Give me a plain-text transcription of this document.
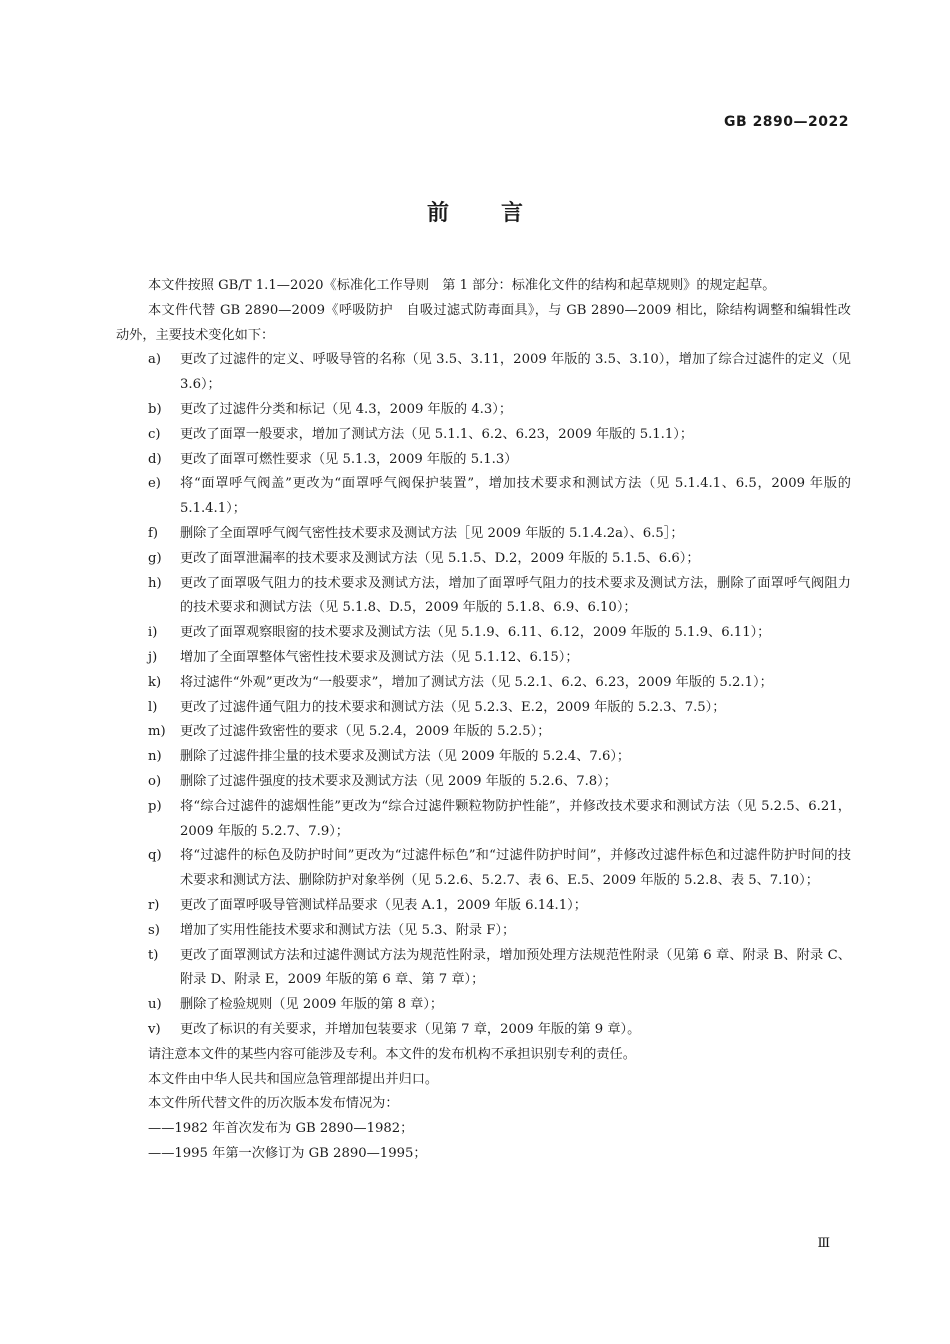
GB 2890—2022
前言

本文件按照 GB/T 1.1—2020《标准化工作导则　第 1 部分：标准化文件的结构和起草规则》的规定起草。

本文件代替 GB 2890—2009《呼吸防护　自吸过滤式防毒面具》，与 GB 2890—2009 相比，除结构调整和编辑性改动外，主要技术变化如下：

a) 更改了过滤件的定义、呼吸导管的名称（见 3.5、3.11，2009 年版的 3.5、3.10），增加了综合过滤件的定义（见 3.6）；
b) 更改了过滤件分类和标记（见 4.3，2009 年版的 4.3）；
c) 更改了面罩一般要求，增加了测试方法（见 5.1.1、6.2、6.23，2009 年版的 5.1.1）；
d) 更改了面罩可燃性要求（见 5.1.3，2009 年版的 5.1.3）
e) 将“面罩呼气阀盖”更改为“面罩呼气阀保护装置”，增加技术要求和测试方法（见 5.1.4.1、6.5，2009 年版的 5.1.4.1）；
f) 删除了全面罩呼气阀气密性技术要求及测试方法［见 2009 年版的 5.1.4.2a）、6.5］；
g) 更改了面罩泄漏率的技术要求及测试方法（见 5.1.5、D.2，2009 年版的 5.1.5、6.6）；
h) 更改了面罩吸气阻力的技术要求及测试方法，增加了面罩呼气阻力的技术要求及测试方法，删除了面罩呼气阀阻力的技术要求和测试方法（见 5.1.8、D.5，2009 年版的 5.1.8、6.9、6.10）；
i) 更改了面罩观察眼窗的技术要求及测试方法（见 5.1.9、6.11、6.12，2009 年版的 5.1.9、6.11）；
j) 增加了全面罩整体气密性技术要求及测试方法（见 5.1.12、6.15）；
k) 将过滤件“外观”更改为“一般要求”，增加了测试方法（见 5.2.1、6.2、6.23，2009 年版的 5.2.1）；
l) 更改了过滤件通气阻力的技术要求和测试方法（见 5.2.3、E.2，2009 年版的 5.2.3、7.5）；
m) 更改了过滤件致密性的要求（见 5.2.4，2009 年版的 5.2.5）；
n) 删除了过滤件排尘量的技术要求及测试方法（见 2009 年版的 5.2.4、7.6）；
o) 删除了过滤件强度的技术要求及测试方法（见 2009 年版的 5.2.6、7.8）；
p) 将“综合过滤件的滤烟性能”更改为“综合过滤件颗粒物防护性能”，并修改技术要求和测试方法（见 5.2.5、6.21，2009 年版的 5.2.7、7.9）；
q) 将“过滤件的标色及防护时间”更改为“过滤件标色”和“过滤件防护时间”，并修改过滤件标色和过滤件防护时间的技术要求和测试方法、删除防护对象举例（见 5.2.6、5.2.7、表 6、E.5、2009 年版的 5.2.8、表 5、7.10）；
r) 更改了面罩呼吸导管测试样品要求（见表 A.1，2009 年版 6.14.1）；
s) 增加了实用性能技术要求和测试方法（见 5.3、附录 F）；
t) 更改了面罩测试方法和过滤件测试方法为规范性附录，增加预处理方法规范性附录（见第 6 章、附录 B、附录 C、附录 D、附录 E，2009 年版的第 6 章、第 7 章）；
u) 删除了检验规则（见 2009 年版的第 8 章）；
v) 更改了标识的有关要求，并增加包装要求（见第 7 章，2009 年版的第 9 章）。

请注意本文件的某些内容可能涉及专利。本文件的发布机构不承担识别专利的责任。

本文件由中华人民共和国应急管理部提出并归口。

本文件所代替文件的历次版本发布情况为：

——1982 年首次发布为 GB 2890—1982；

——1995 年第一次修订为 GB 2890—1995；

Ⅲ
